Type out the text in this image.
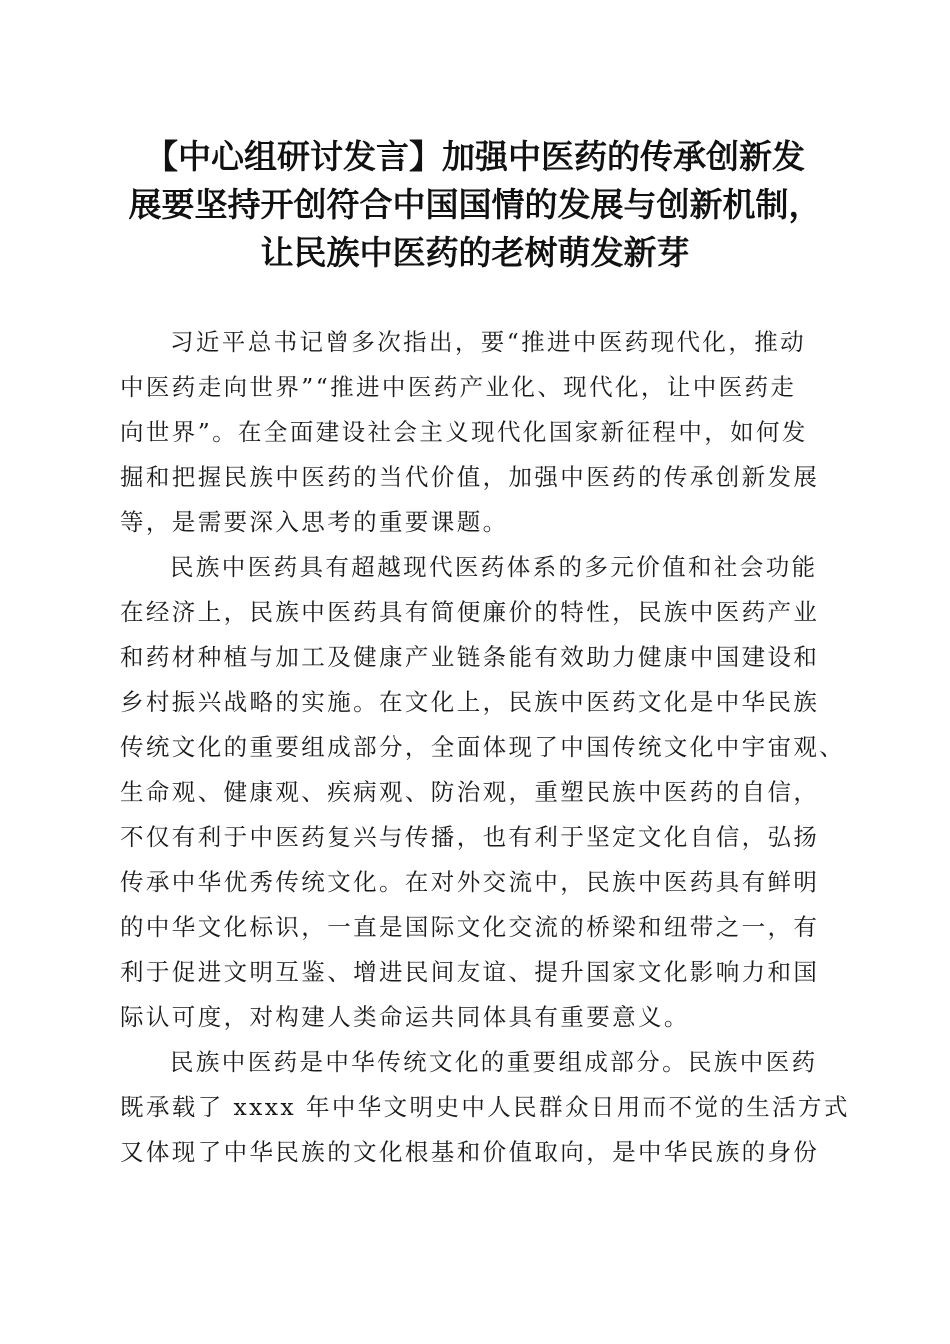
【中心组研讨发言】加强中医药的传承创新发
展要坚持开创符合中国国情的发展与创新机制，
让民族中医药的老树萌发新芽
习近平总书记曾多次指出，要“推进中医药现代化，推动
中医药走向世界”“推进中医药产业化、现代化，让中医药走
向世界”。在全面建设社会主义现代化国家新征程中，如何发
掘和把握民族中医药的当代价值，加强中医药的传承创新发展
等，是需要深入思考的重要课题。
民族中医药具有超越现代医药体系的多元价值和社会功能
在经济上，民族中医药具有简便廉价的特性，民族中医药产业
和药材种植与加工及健康产业链条能有效助力健康中国建设和
乡村振兴战略的实施。在文化上，民族中医药文化是中华民族
传统文化的重要组成部分，全面体现了中国传统文化中宇宙观、
生命观、健康观、疾病观、防治观，重塑民族中医药的自信，
不仅有利于中医药复兴与传播，也有利于坚定文化自信，弘扬
传承中华优秀传统文化。在对外交流中，民族中医药具有鲜明
的中华文化标识，一直是国际文化交流的桥梁和纽带之一，有
利于促进文明互鉴、增进民间友谊、提升国家文化影响力和国
际认可度，对构建人类命运共同体具有重要意义。
民族中医药是中华传统文化的重要组成部分。民族中医药
既承载了 xxxx 年中华文明史中人民群众日用而不觉的生活方式
又体现了中华民族的文化根基和价值取向，是中华民族的身份
